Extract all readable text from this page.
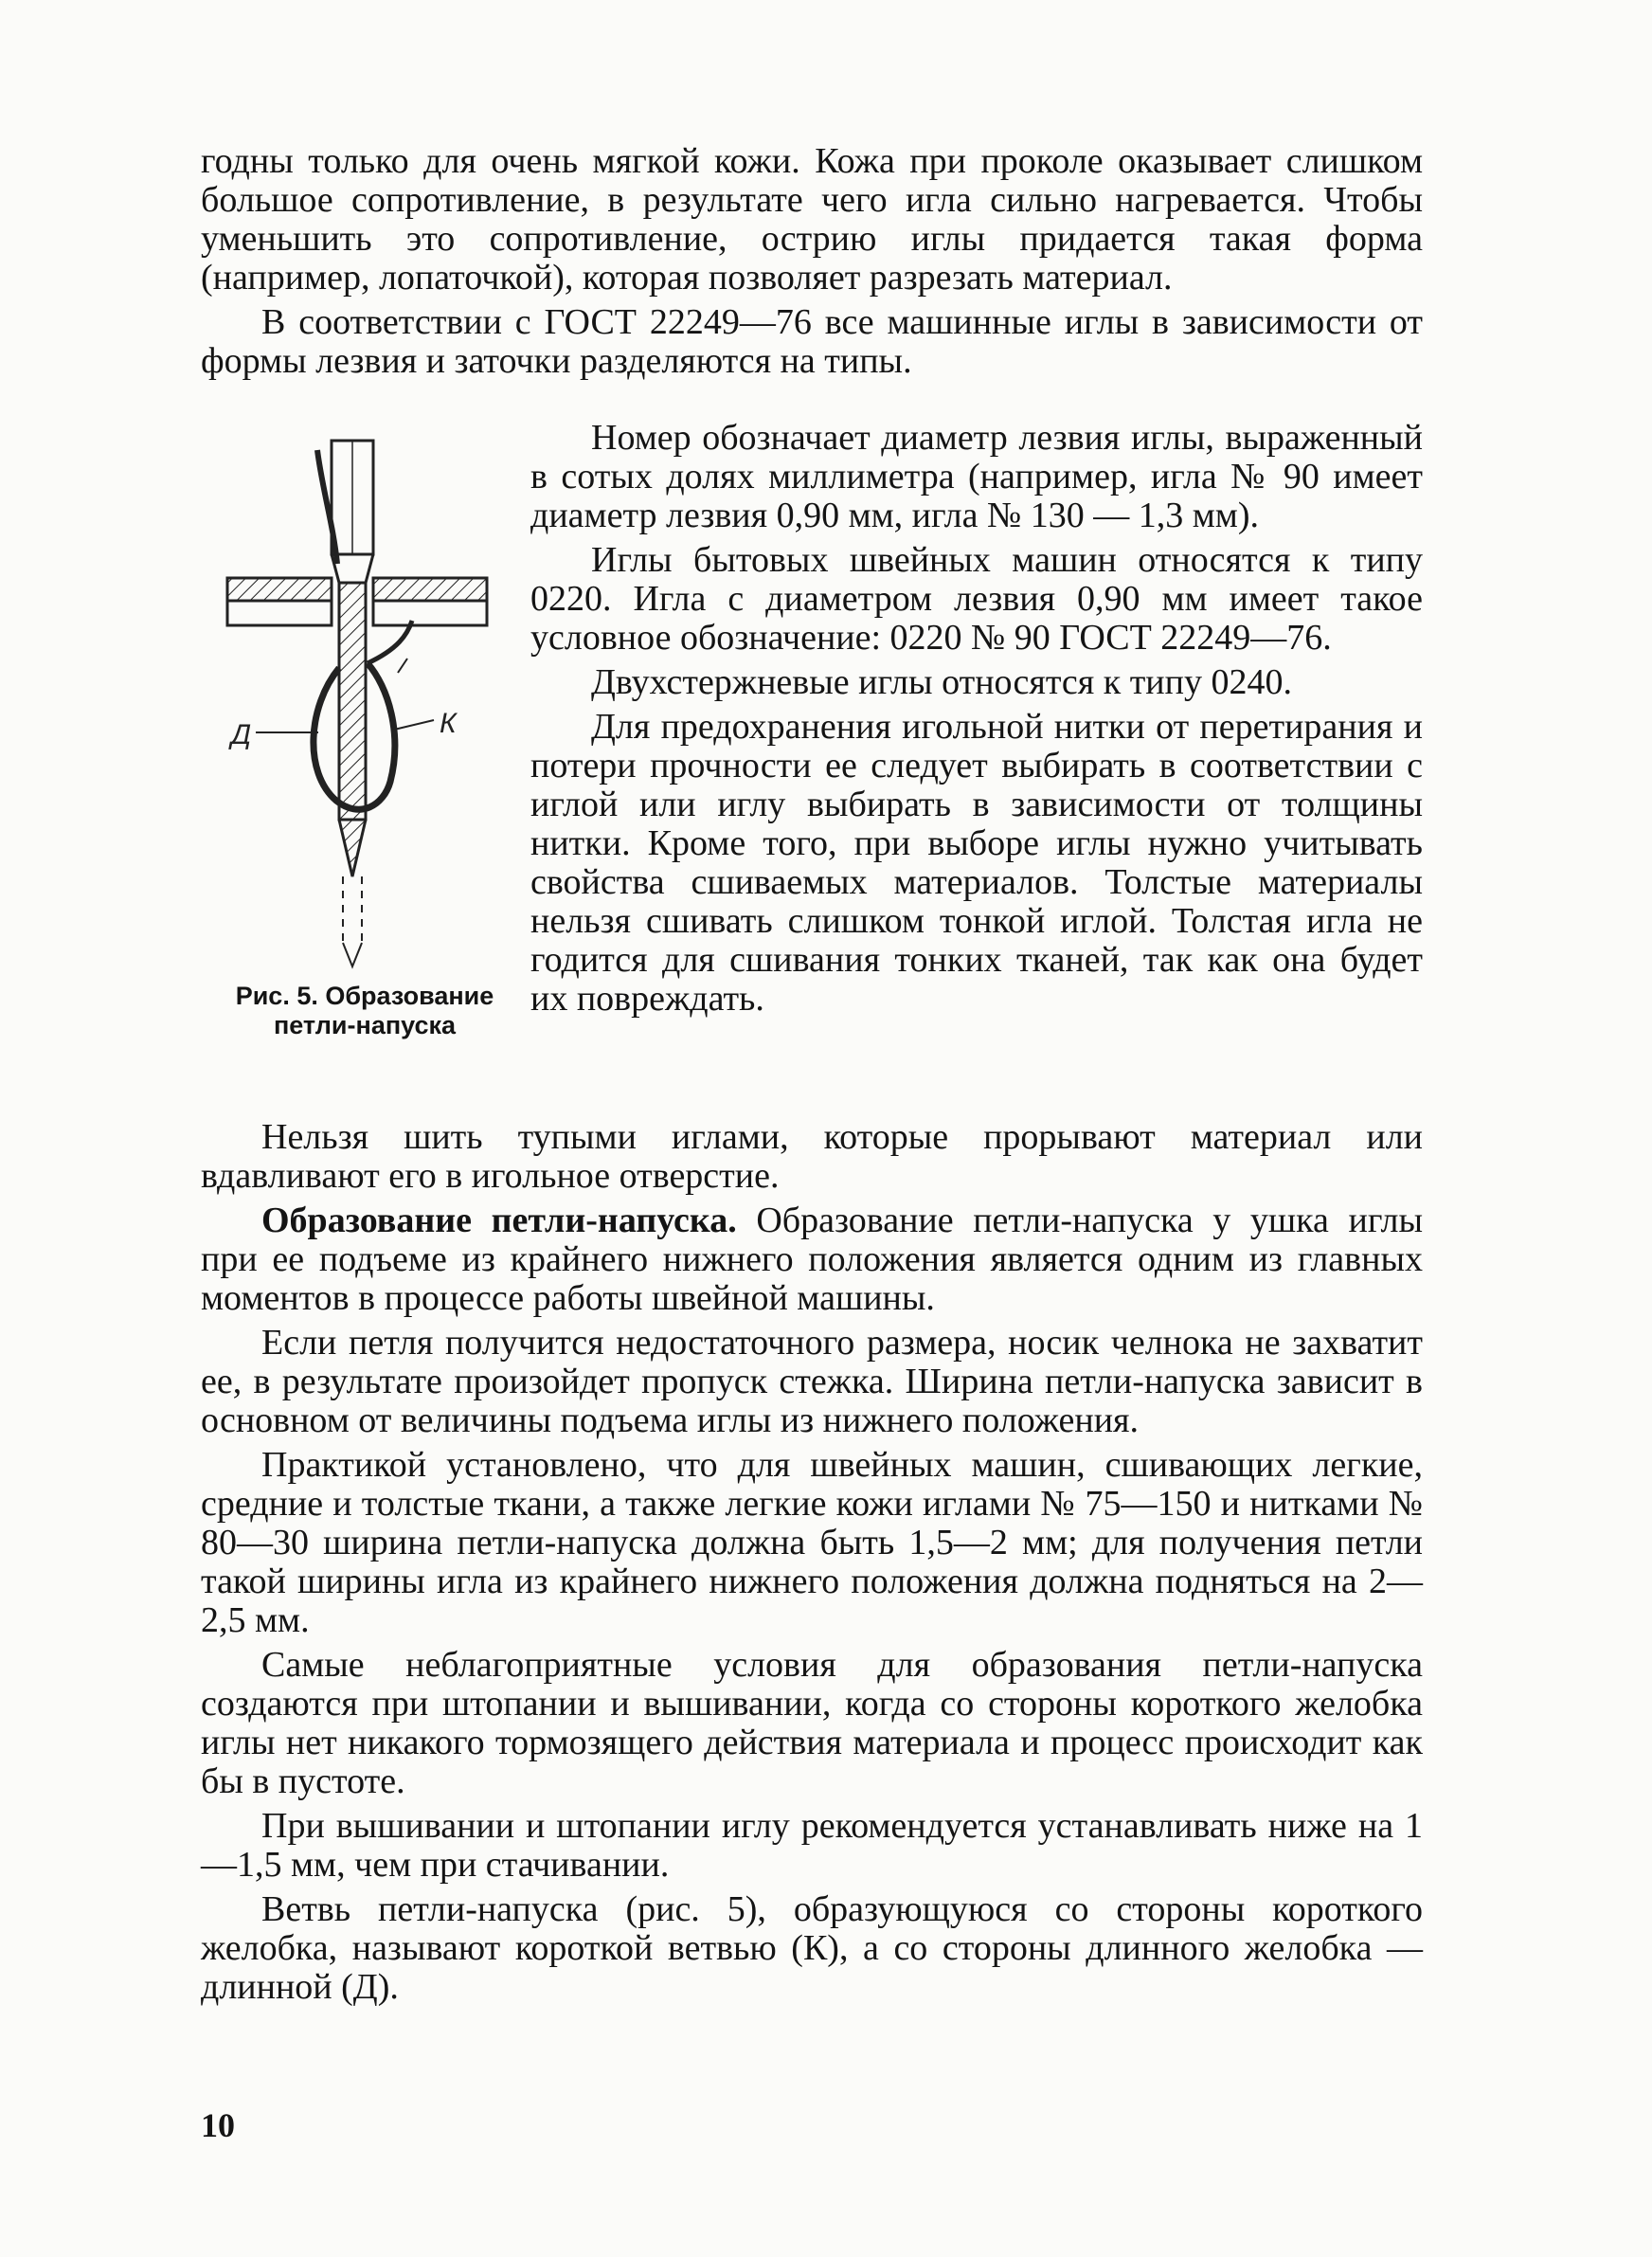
годны только для очень мягкой кожи. Кожа при проколе оказывает слишком большое сопротивление, в результате чего игла сильно нагревается. Чтобы уменьшить это сопротивление, острию иглы придается такая форма (например, лопаточкой), которая позволяет разрезать материал.

В соответствии с ГОСТ 22249—76 все машинные иглы в зависимости от формы лезвия и заточки разделяются на типы.

Д	К
Рис. 5. Образование петли-напуска

Номер обозначает диаметр лезвия иглы, выраженный в сотых долях миллиметра (например, игла № 90 имеет диаметр лезвия 0,90 мм, игла № 130 — 1,3 мм).

Иглы бытовых швейных машин относятся к типу 0220. Игла с диаметром лезвия 0,90 мм имеет такое условное обозначение: 0220 № 90 ГОСТ 22249—76.

Двухстержневые иглы относятся к типу 0240.

Для предохранения игольной нитки от перетирания и потери прочности ее следует выбирать в соответствии с иглой или иглу выбирать в зависимости от толщины нитки. Кроме того, при выборе иглы нужно учитывать свойства сшиваемых материалов. Толстые материалы нельзя сшивать слишком тонкой иглой. Толстая игла не годится для сшивания тонких тканей, так как она будет их повреждать.

Нельзя шить тупыми иглами, которые прорывают материал или вдавливают его в игольное отверстие.

Образование петли-напуска. Образование петли-напуска у ушка иглы при ее подъеме из крайнего нижнего положения является одним из главных моментов в процессе работы швейной машины.

Если петля получится недостаточного размера, носик челнока не захватит ее, в результате произойдет пропуск стежка. Ширина петли-напуска зависит в основном от величины подъема иглы из нижнего положения.

Практикой установлено, что для швейных машин, сшивающих легкие, средние и толстые ткани, а также легкие кожи иглами № 75—150 и нитками № 80—30 ширина петли-напуска должна быть 1,5—2 мм; для получения петли такой ширины игла из крайнего нижнего положения должна подняться на 2—2,5 мм.

Самые неблагоприятные условия для образования петли-напуска создаются при штопании и вышивании, когда со стороны короткого желобка иглы нет никакого тормозящего действия материала и процесс происходит как бы в пустоте.

При вышивании и штопании иглу рекомендуется устанавливать ниже на 1—1,5 мм, чем при стачивании.

Ветвь петли-напуска (рис. 5), образующуюся со стороны короткого желобка, называют короткой ветвью (К), а со стороны длинного желобка — длинной (Д).

10
